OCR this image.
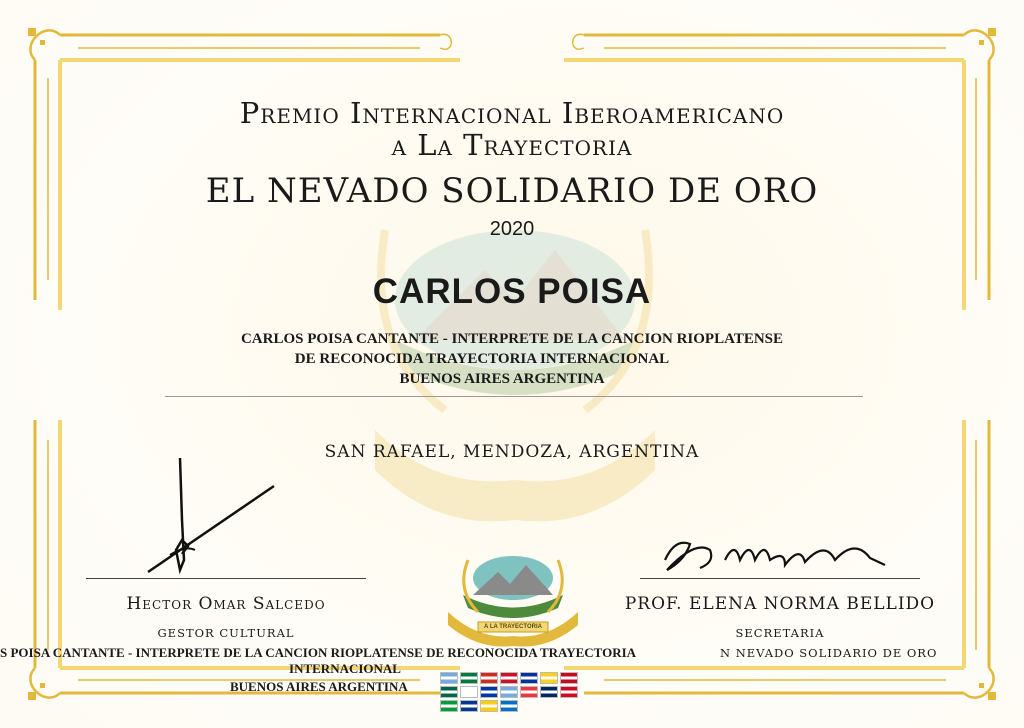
Premio Internacional Iberoamericano
a La Trayectoria
EL NEVADO SOLIDARIO DE ORO
2020
CARLOS POISA
CARLOS POISA CANTANTE - INTERPRETE DE LA CANCION RIOPLATENSE
DE RECONOCIDA TRAYECTORIA INTERNACIONAL
BUENOS AIRES ARGENTINA
SAN RAFAEL, MENDOZA, ARGENTINA
Hector Omar Salcedo
GESTOR CULTURAL
PROF. ELENA NORMA BELLIDO
SECRETARIA
N NEVADO SOLIDARIO DE ORO
A LA TRAYECTORIA
S POISA CANTANTE - INTERPRETE DE LA CANCION RIOPLATENSE DE RECONOCIDA TRAYECTORIA
INTERNACIONAL
BUENOS AIRES ARGENTINA
